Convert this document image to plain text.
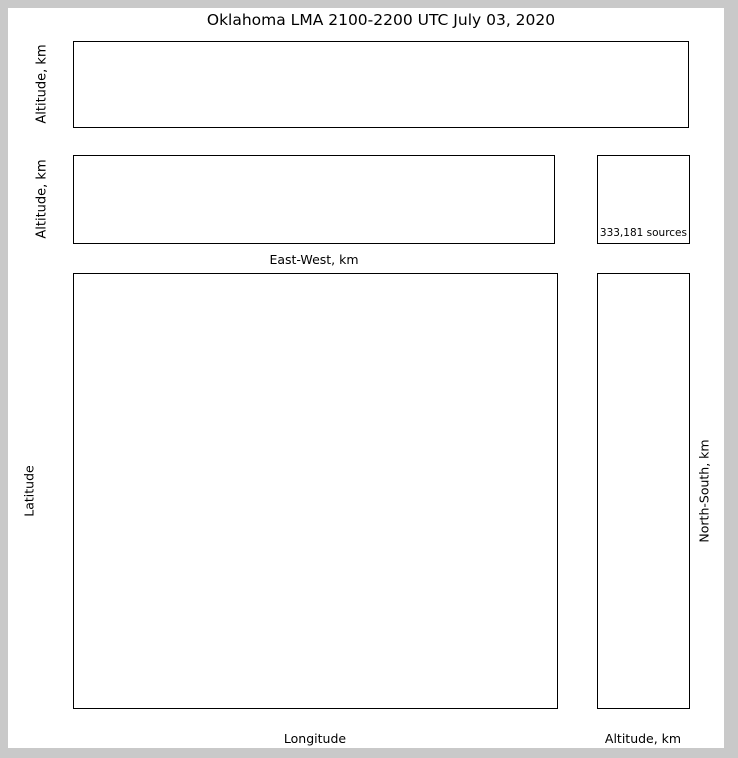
Oklahoma LMA 2100-2200 UTC July 03, 2020
Altitude, km
Altitude, km
East-West, km
333,181 sources
Latitude
Longitude	Altitude, km
North-South, km
